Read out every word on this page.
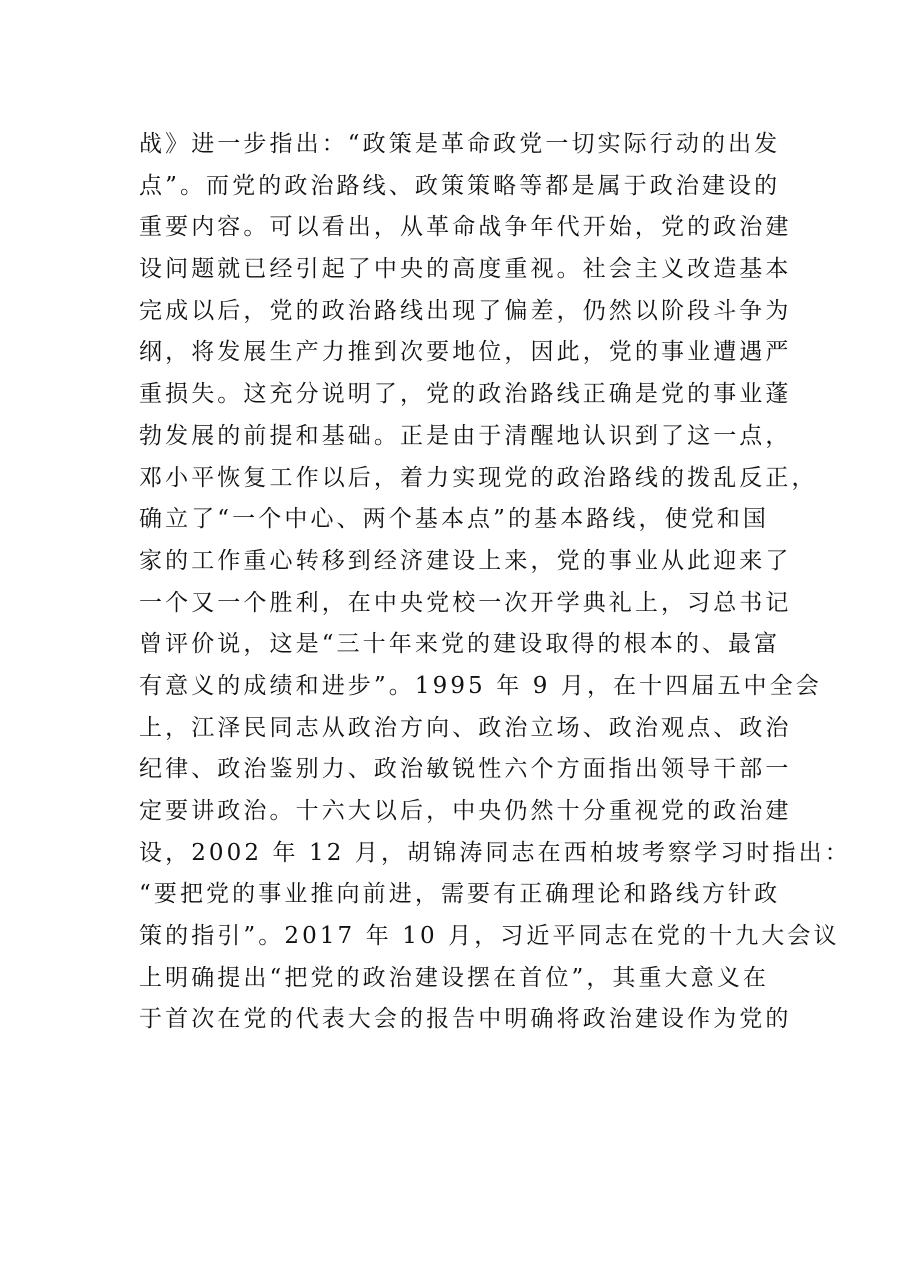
战》进一步指出：“政策是革命政党一切实际行动的出发
点”。而党的政治路线、政策策略等都是属于政治建设的
重要内容。可以看出，从革命战争年代开始，党的政治建
设问题就已经引起了中央的高度重视。社会主义改造基本
完成以后，党的政治路线出现了偏差，仍然以阶段斗争为
纲，将发展生产力推到次要地位，因此，党的事业遭遇严
重损失。这充分说明了，党的政治路线正确是党的事业蓬
勃发展的前提和基础。正是由于清醒地认识到了这一点，
邓小平恢复工作以后，着力实现党的政治路线的拨乱反正，
确立了“一个中心、两个基本点”的基本路线，使党和国
家的工作重心转移到经济建设上来，党的事业从此迎来了
一个又一个胜利，在中央党校一次开学典礼上，习总书记
曾评价说，这是“三十年来党的建设取得的根本的、最富
有意义的成绩和进步”。1995 年 9 月，在十四届五中全会
上，江泽民同志从政治方向、政治立场、政治观点、政治
纪律、政治鉴别力、政治敏锐性六个方面指出领导干部一
定要讲政治。十六大以后，中央仍然十分重视党的政治建
设，2002 年 12 月，胡锦涛同志在西柏坡考察学习时指出：
“要把党的事业推向前进，需要有正确理论和路线方针政
策的指引”。2017 年 10 月，习近平同志在党的十九大会议
上明确提出“把党的政治建设摆在首位”，其重大意义在
于首次在党的代表大会的报告中明确将政治建设作为党的
